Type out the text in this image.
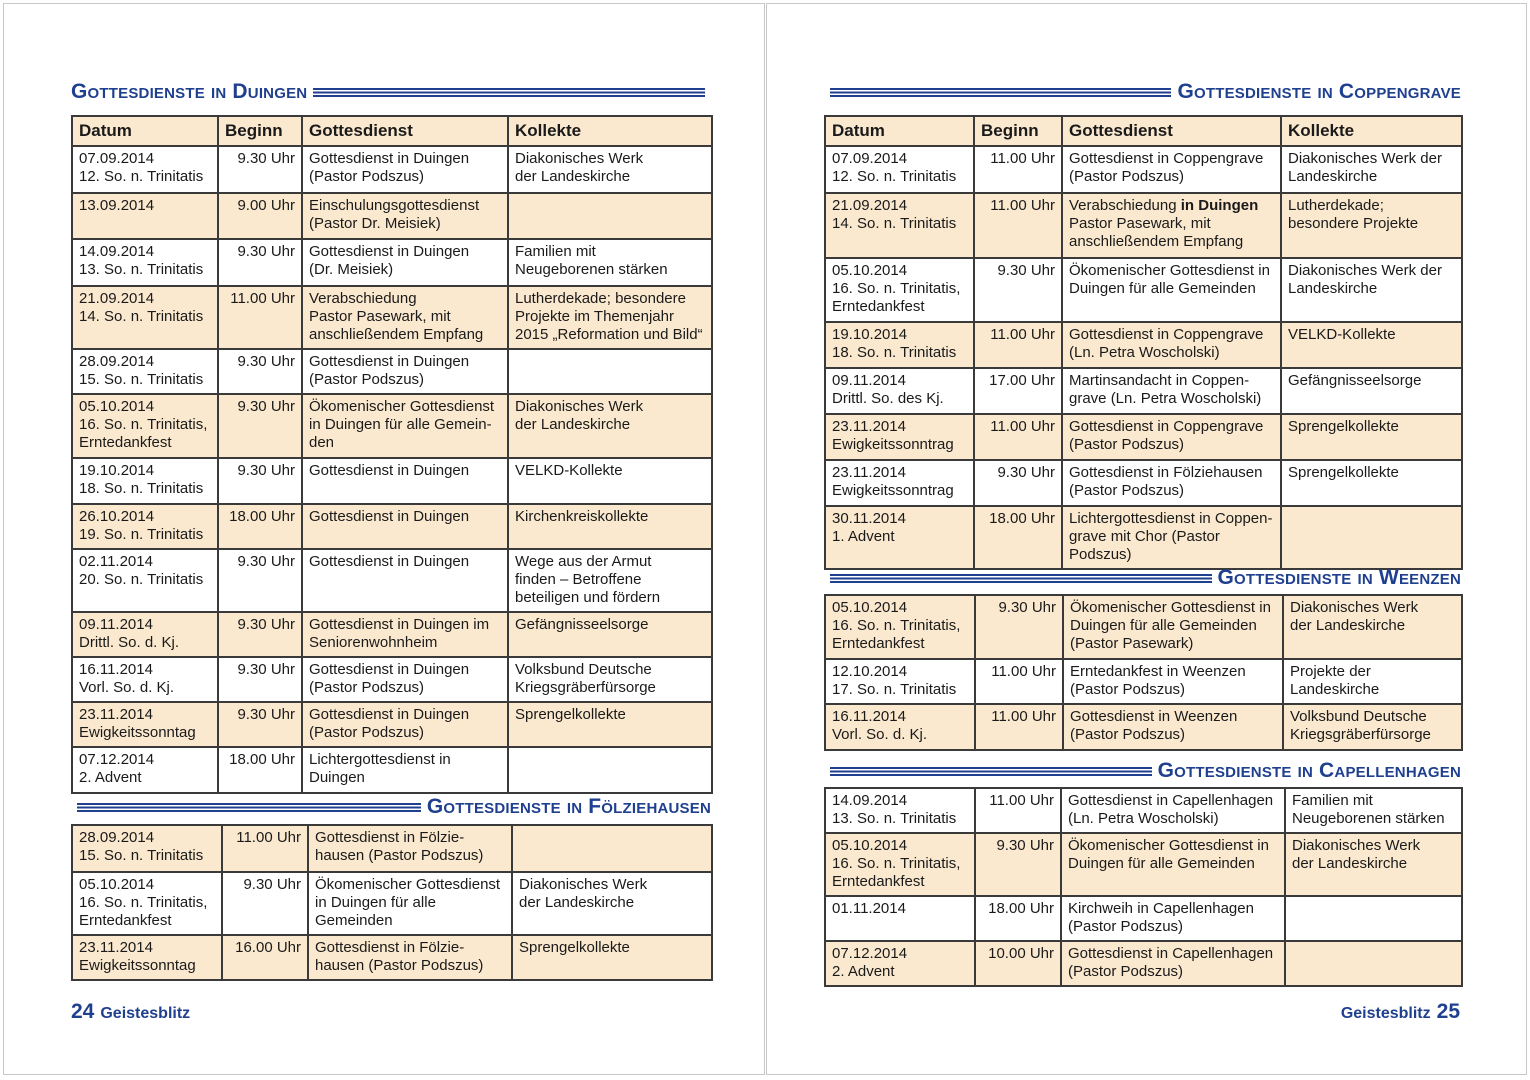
Gottesdienste in Duingen
Datum	Beginn	Gottesdienst	Kollekte
07.09.2014
12. So. n. Trinitatis	9.30 Uhr	Gottesdienst in Duingen
(Pastor Podszus)	Diakonisches Werk
der Landeskirche
13.09.2014	9.00 Uhr	Einschulungsgottesdienst
(Pastor Dr. Meisiek)	
14.09.2014
13. So. n. Trinitatis	9.30 Uhr	Gottesdienst in Duingen
(Dr. Meisiek)	Familien mit
Neugeborenen stärken
21.09.2014
14. So. n. Trinitatis	11.00 Uhr	Verabschiedung
Pastor Pasewark, mit
anschließendem Empfang	Lutherdekade; besondere
Projekte im Themenjahr
2015 „Reformation und Bild“
28.09.2014
15. So. n. Trinitatis	9.30 Uhr	Gottesdienst in Duingen
(Pastor Podszus)	
05.10.2014
16. So. n. Trinitatis,
Erntedankfest	9.30 Uhr	Ökomenischer Gottesdienst
in Duingen für alle Gemein-
den	Diakonisches Werk
der Landeskirche
19.10.2014
18. So. n. Trinitatis	9.30 Uhr	Gottesdienst in Duingen	VELKD-Kollekte
26.10.2014
19. So. n. Trinitatis	18.00 Uhr	Gottesdienst in Duingen	Kirchenkreiskollekte
02.11.2014
20. So. n. Trinitatis	9.30 Uhr	Gottesdienst in Duingen	Wege aus der Armut
finden – Betroffene
beteiligen und fördern
09.11.2014
Drittl. So. d. Kj.	9.30 Uhr	Gottesdienst in Duingen im
Seniorenwohnheim	Gefängnisseelsorge
16.11.2014
Vorl. So. d. Kj.	9.30 Uhr	Gottesdienst in Duingen
(Pastor Podszus)	Volksbund Deutsche
Kriegsgräberfürsorge
23.11.2014
Ewigkeitssonntag	9.30 Uhr	Gottesdienst in Duingen
(Pastor Podszus)	Sprengelkollekte
07.12.2014
2. Advent	18.00 Uhr	Lichtergottesdienst in
Duingen	
Gottesdienste in Fölziehausen
28.09.2014
15. So. n. Trinitatis	11.00 Uhr	Gottesdienst in Fölzie-
hausen (Pastor Podszus)	
05.10.2014
16. So. n. Trinitatis,
Erntedankfest	9.30 Uhr	Ökomenischer Gottesdienst
in Duingen für alle
Gemeinden	Diakonisches Werk
der Landeskirche
23.11.2014
Ewigkeitssonntag	16.00 Uhr	Gottesdienst in Fölzie-
hausen (Pastor Podszus)	Sprengelkollekte
24 Geistesblitz
Gottesdienste in Coppengrave
Datum	Beginn	Gottesdienst	Kollekte
07.09.2014
12. So. n. Trinitatis	11.00 Uhr	Gottesdienst in Coppengrave
(Pastor Podszus)	Diakonisches Werk der
Landeskirche
21.09.2014
14. So. n. Trinitatis	11.00 Uhr	Verabschiedung in Duingen
Pastor Pasewark, mit
anschließendem Empfang	Lutherdekade;
besondere Projekte
05.10.2014
16. So. n. Trinitatis,
Erntedankfest	9.30 Uhr	Ökomenischer Gottesdienst in
Duingen für alle Gemeinden	Diakonisches Werk der
Landeskirche
19.10.2014
18. So. n. Trinitatis	11.00 Uhr	Gottesdienst in Coppengrave
(Ln. Petra Woscholski)	VELKD-Kollekte
09.11.2014
Drittl. So. des Kj.	17.00 Uhr	Martinsandacht in Coppen-
grave (Ln. Petra Woscholski)	Gefängnisseelsorge
23.11.2014
Ewigkeitssonntrag	11.00 Uhr	Gottesdienst in Coppengrave
(Pastor Podszus)	Sprengelkollekte
23.11.2014
Ewigkeitssonntrag	9.30 Uhr	Gottesdienst in Fölziehausen
(Pastor Podszus)	Sprengelkollekte
30.11.2014
1. Advent	18.00 Uhr	Lichtergottesdienst in Coppen-
grave mit Chor (Pastor Podszus)	
Gottesdienste in Weenzen
05.10.2014
16. So. n. Trinitatis,
Erntedankfest	9.30 Uhr	Ökomenischer Gottesdienst in
Duingen für alle Gemeinden
(Pastor Pasewark)	Diakonisches Werk
der Landeskirche
12.10.2014
17. So. n. Trinitatis	11.00 Uhr	Erntedankfest in Weenzen
(Pastor Podszus)	Projekte der
Landeskirche
16.11.2014
Vorl. So. d. Kj.	11.00 Uhr	Gottesdienst in Weenzen
(Pastor Podszus)	Volksbund Deutsche
Kriegsgräberfürsorge
Gottesdienste in Capellenhagen
14.09.2014
13. So. n. Trinitatis	11.00 Uhr	Gottesdienst in Capellenhagen
(Ln. Petra Woscholski)	Familien mit
Neugeborenen stärken
05.10.2014
16. So. n. Trinitatis,
Erntedankfest	9.30 Uhr	Ökomenischer Gottesdienst in
Duingen für alle Gemeinden	Diakonisches Werk
der Landeskirche
01.11.2014	18.00 Uhr	Kirchweih in Capellenhagen
(Pastor Podszus)	
07.12.2014
2. Advent	10.00 Uhr	Gottesdienst in Capellenhagen
(Pastor Podszus)	
Geistesblitz 25
